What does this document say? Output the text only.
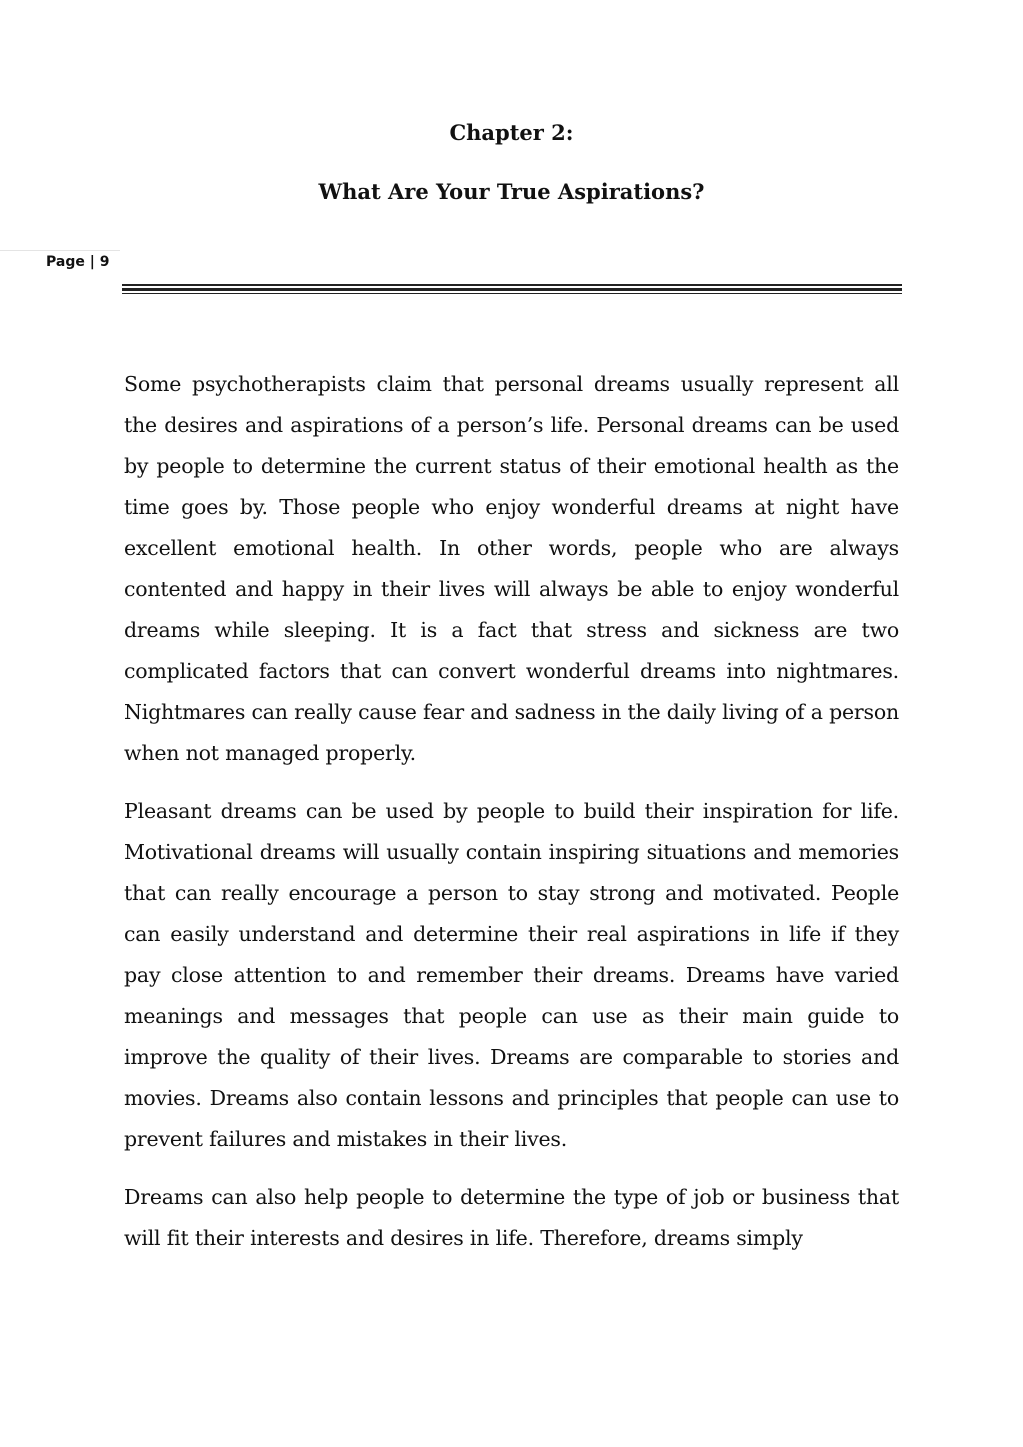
Chapter 2:
What Are Your True Aspirations?
Page | 9

Some psychotherapists claim that personal dreams usually represent all the desires and aspirations of a person’s life. Personal dreams can be used by people to determine the current status of their emotional health as the time goes by. Those people who enjoy wonderful dreams at night have excellent emotional health. In other words, people who are always contented and happy in their lives will always be able to enjoy wonderful dreams while sleeping. It is a fact that stress and sickness are two complicated factors that can convert wonderful dreams into nightmares. Nightmares can really cause fear and sadness in the daily living of a person when not managed properly.

Pleasant dreams can be used by people to build their inspiration for life. Motivational dreams will usually contain inspiring situations and memories that can really encourage a person to stay strong and motivated. People can easily understand and determine their real aspirations in life if they pay close attention to and remember their dreams. Dreams have varied meanings and messages that people can use as their main guide to improve the quality of their lives. Dreams are comparable to stories and movies. Dreams also contain lessons and principles that people can use to prevent failures and mistakes in their lives.

Dreams can also help people to determine the type of job or business that will fit their interests and desires in life. Therefore, dreams simply
